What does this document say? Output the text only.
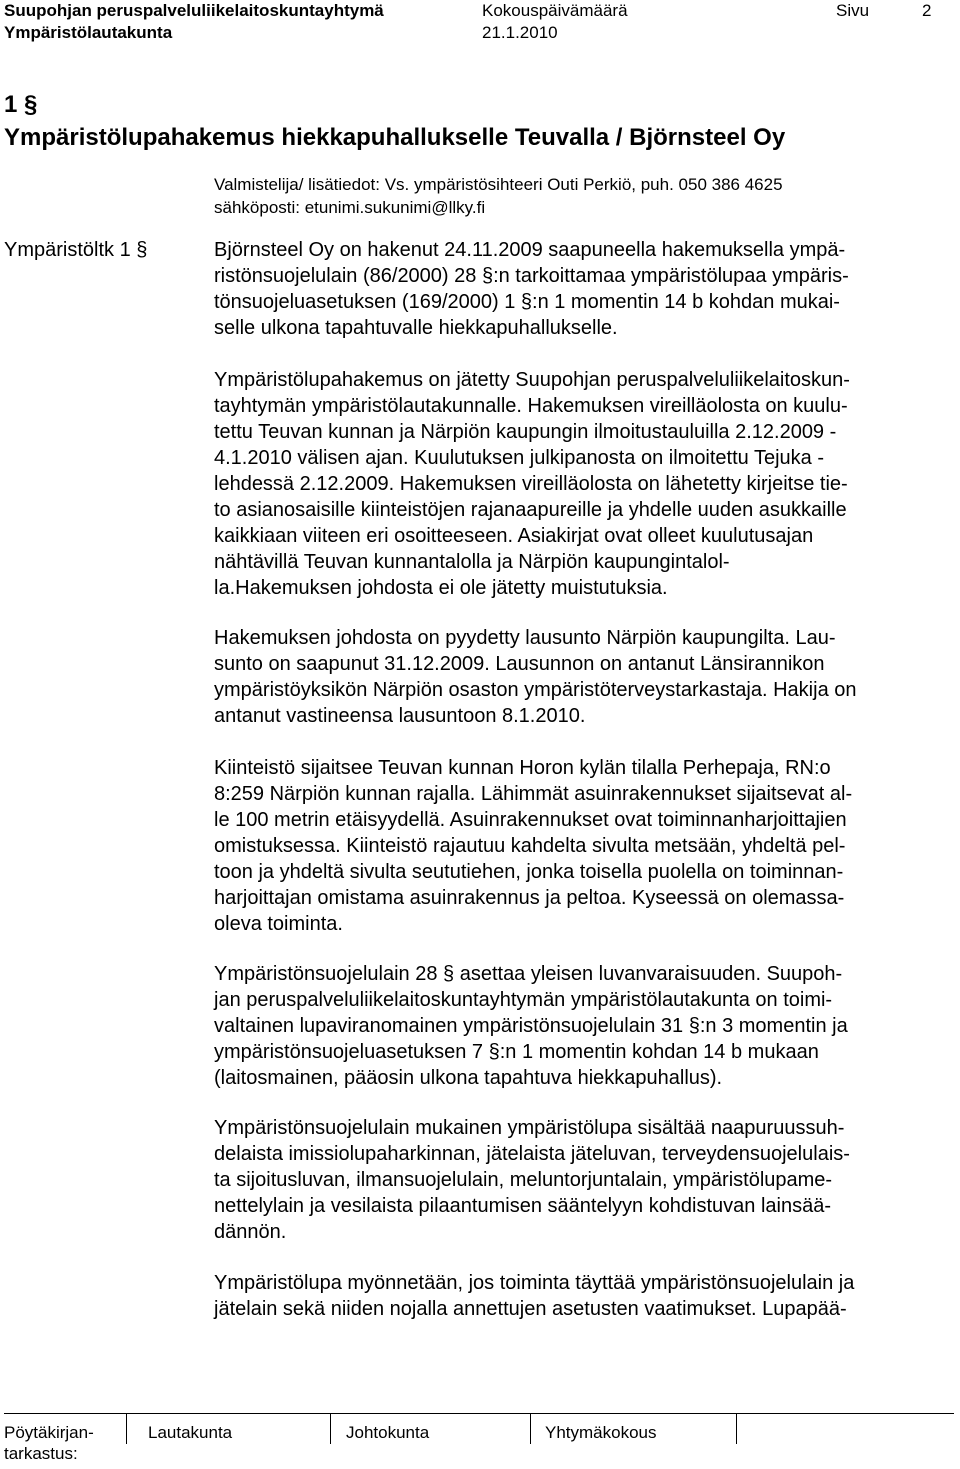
Suupohjan peruspalveluliikelaitoskuntayhtymä
Ympäristölautakunta
Kokouspäivämäärä
21.1.2010
Sivu	2
1 §
Ympäristölupahakemus hiekkapuhallukselle Teuvalla / Björnsteel Oy
Valmistelija/ lisätiedot: Vs. ympäristösihteeri Outi Perkiö, puh. 050 386 4625
sähköposti: etunimi.sukunimi@llky.fi
Ympäristöltk 1 §	Björnsteel Oy on hakenut 24.11.2009 saapuneella hakemuksella ympä-

ristönsuojelulain (86/2000) 28 §:n tarkoittamaa ympäristölupaa ympäris-

tönsuojeluasetuksen (169/2000) 1 §:n 1 momentin 14 b kohdan mukai-

selle ulkona tapahtuvalle hiekkapuhallukselle.

Ympäristölupahakemus on jätetty Suupohjan peruspalveluliikelaitoskun-

tayhtymän ympäristölautakunnalle. Hakemuksen vireilläolosta on kuulu-

tettu Teuvan kunnan ja Närpiön kaupungin ilmoitustauluilla 2.12.2009 -

4.1.2010 välisen ajan. Kuulutuksen julkipanosta on ilmoitettu Tejuka -

lehdessä 2.12.2009. Hakemuksen vireilläolosta on lähetetty kirjeitse tie-

to asianosaisille kiinteistöjen rajanaapureille ja yhdelle uuden asukkaille

kaikkiaan viiteen eri osoitteeseen. Asiakirjat ovat olleet kuulutusajan

nähtävillä Teuvan kunnantalolla ja Närpiön kaupungintalol-

la.Hakemuksen johdosta ei ole jätetty muistutuksia.

Hakemuksen johdosta on pyydetty lausunto Närpiön kaupungilta. Lau-

sunto on saapunut 31.12.2009. Lausunnon on antanut Länsirannikon

ympäristöyksikön Närpiön osaston ympäristöterveystarkastaja. Hakija on

antanut vastineensa lausuntoon 8.1.2010.

Kiinteistö sijaitsee Teuvan kunnan Horon kylän tilalla Perhepaja, RN:o

8:259 Närpiön kunnan rajalla. Lähimmät asuinrakennukset sijaitsevat al-

le 100 metrin etäisyydellä. Asuinrakennukset ovat toiminnanharjoittajien

omistuksessa. Kiinteistö rajautuu kahdelta sivulta metsään, yhdeltä pel-

toon ja yhdeltä sivulta seututiehen, jonka toisella puolella on toiminnan-

harjoittajan omistama asuinrakennus ja peltoa. Kyseessä on olemassa-

oleva toiminta.

Ympäristönsuojelulain 28 § asettaa yleisen luvanvaraisuuden. Suupoh-

jan peruspalveluliikelaitoskuntayhtymän ympäristölautakunta on toimi-

valtainen lupaviranomainen ympäristönsuojelulain 31 §:n 3 momentin ja

ympäristönsuojeluasetuksen 7 §:n 1 momentin kohdan 14 b mukaan

(laitosmainen, pääosin ulkona tapahtuva hiekkapuhallus).

Ympäristönsuojelulain mukainen ympäristölupa sisältää naapuruussuh-

delaista imissiolupaharkinnan, jätelaista jäteluvan, terveydensuojelulais-

ta sijoitusluvan, ilmansuojelulain, meluntorjuntalain, ympäristölupame-

nettelylain ja vesilaista pilaantumisen sääntelyyn kohdistuvan lainsää-

dännön.

Ympäristölupa myönnetään, jos toiminta täyttää ympäristönsuojelulain ja

jätelain sekä niiden nojalla annettujen asetusten vaatimukset. Lupapää-

Pöytäkirjan-
tarkastus:
Lautakunta	Johtokunta	Yhtymäkokous
